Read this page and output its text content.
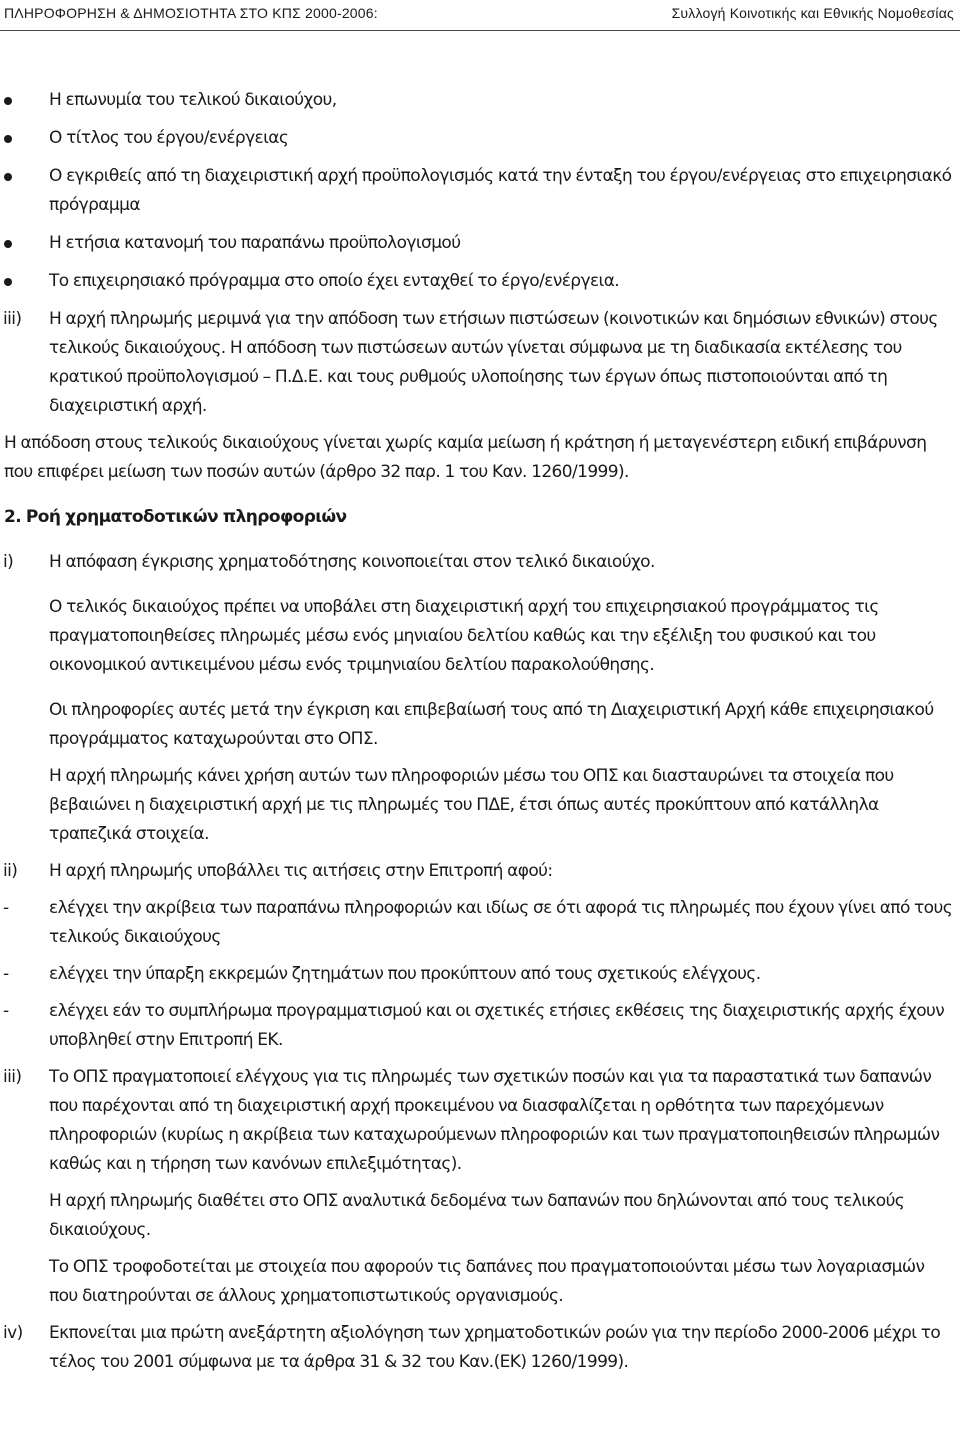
ΠΛΗΡΟΦΟΡΗΣΗ & ΔΗΜΟΣΙΟΤΗΤΑ ΣΤΟ ΚΠΣ 2000-2006:	Συλλογή Κοινοτικής και Εθνικής Νομοθεσίας
Η επωνυμία του τελικού δικαιούχου,
Ο τίτλος του έργου/ενέργειας
Ο εγκριθείς από τη διαχειριστική αρχή προϋπολογισμός κατά την ένταξη του έργου/ενέργειας στο επιχειρησιακό πρόγραμμα
Η ετήσια κατανομή του παραπάνω προϋπολογισμού
Το επιχειρησιακό πρόγραμμα στο οποίο έχει ενταχθεί το έργο/ενέργεια.
iii) Η αρχή πληρωμής μεριμνά για την απόδοση των ετήσιων πιστώσεων (κοινοτικών και δημόσιων εθνικών) στους τελικούς δικαιούχους. Η απόδοση των πιστώσεων αυτών γίνεται σύμφωνα με τη διαδικασία εκτέλεσης του κρατικού προϋπολογισμού – Π.Δ.Ε. και τους ρυθμούς υλοποίησης των έργων όπως πιστοποιούνται από τη διαχειριστική αρχή.
Η απόδοση στους τελικούς δικαιούχους γίνεται χωρίς καμία μείωση ή κράτηση ή μεταγενέστερη ειδική επιβάρυνση που επιφέρει μείωση των ποσών αυτών (άρθρο 32 παρ. 1 του Καν. 1260/1999).
2. Ροή χρηματοδοτικών πληροφοριών
i) Η απόφαση έγκρισης χρηματοδότησης κοινοποιείται στον τελικό δικαιούχο.
Ο τελικός δικαιούχος πρέπει να υποβάλει στη διαχειριστική αρχή του επιχειρησιακού προγράμματος τις πραγματοποιηθείσες πληρωμές μέσω ενός μηνιαίου δελτίου καθώς και την εξέλιξη του φυσικού και του οικονομικού αντικειμένου μέσω ενός τριμηνιαίου δελτίου παρακολούθησης.
Οι πληροφορίες αυτές μετά την έγκριση και επιβεβαίωσή τους από τη Διαχειριστική Αρχή κάθε επιχειρησιακού προγράμματος καταχωρούνται στο ΟΠΣ.
Η αρχή πληρωμής κάνει χρήση αυτών των πληροφοριών μέσω του ΟΠΣ και διασταυρώνει τα στοιχεία που βεβαιώνει η διαχειριστική αρχή με τις πληρωμές του ΠΔΕ, έτσι όπως αυτές προκύπτουν από κατάλληλα τραπεζικά στοιχεία.
ii) Η αρχή πληρωμής υποβάλλει τις αιτήσεις στην Επιτροπή αφού:
- ελέγχει την ακρίβεια των παραπάνω πληροφοριών και ιδίως σε ότι αφορά τις πληρωμές που έχουν γίνει από τους τελικούς δικαιούχους
- ελέγχει την ύπαρξη εκκρεμών ζητημάτων που προκύπτουν από τους σχετικούς ελέγχους.
- ελέγχει εάν το συμπλήρωμα προγραμματισμού και οι σχετικές ετήσιες εκθέσεις της διαχειριστικής αρχής έχουν υποβληθεί στην Επιτροπή ΕΚ.
iii) Το ΟΠΣ πραγματοποιεί ελέγχους για τις πληρωμές των σχετικών ποσών και για τα παραστατικά των δαπανών που παρέχονται από τη διαχειριστική αρχή προκειμένου να διασφαλίζεται η ορθότητα των παρεχόμενων πληροφοριών (κυρίως η ακρίβεια των καταχωρούμενων πληροφοριών και των πραγματοποιηθεισών πληρωμών καθώς και η τήρηση των κανόνων επιλεξιμότητας).
Η αρχή πληρωμής διαθέτει στο ΟΠΣ αναλυτικά δεδομένα των δαπανών που δηλώνονται από τους τελικούς δικαιούχους.
Το ΟΠΣ τροφοδοτείται με στοιχεία που αφορούν τις δαπάνες που πραγματοποιούνται μέσω των λογαριασμών που διατηρούνται σε άλλους χρηματοπιστωτικούς οργανισμούς.
iv) Εκπονείται μια πρώτη ανεξάρτητη αξιολόγηση των χρηματοδοτικών ροών για την περίοδο 2000-2006 μέχρι το τέλος του 2001 σύμφωνα με τα άρθρα 31 & 32 του Καν.(ΕΚ) 1260/1999).
